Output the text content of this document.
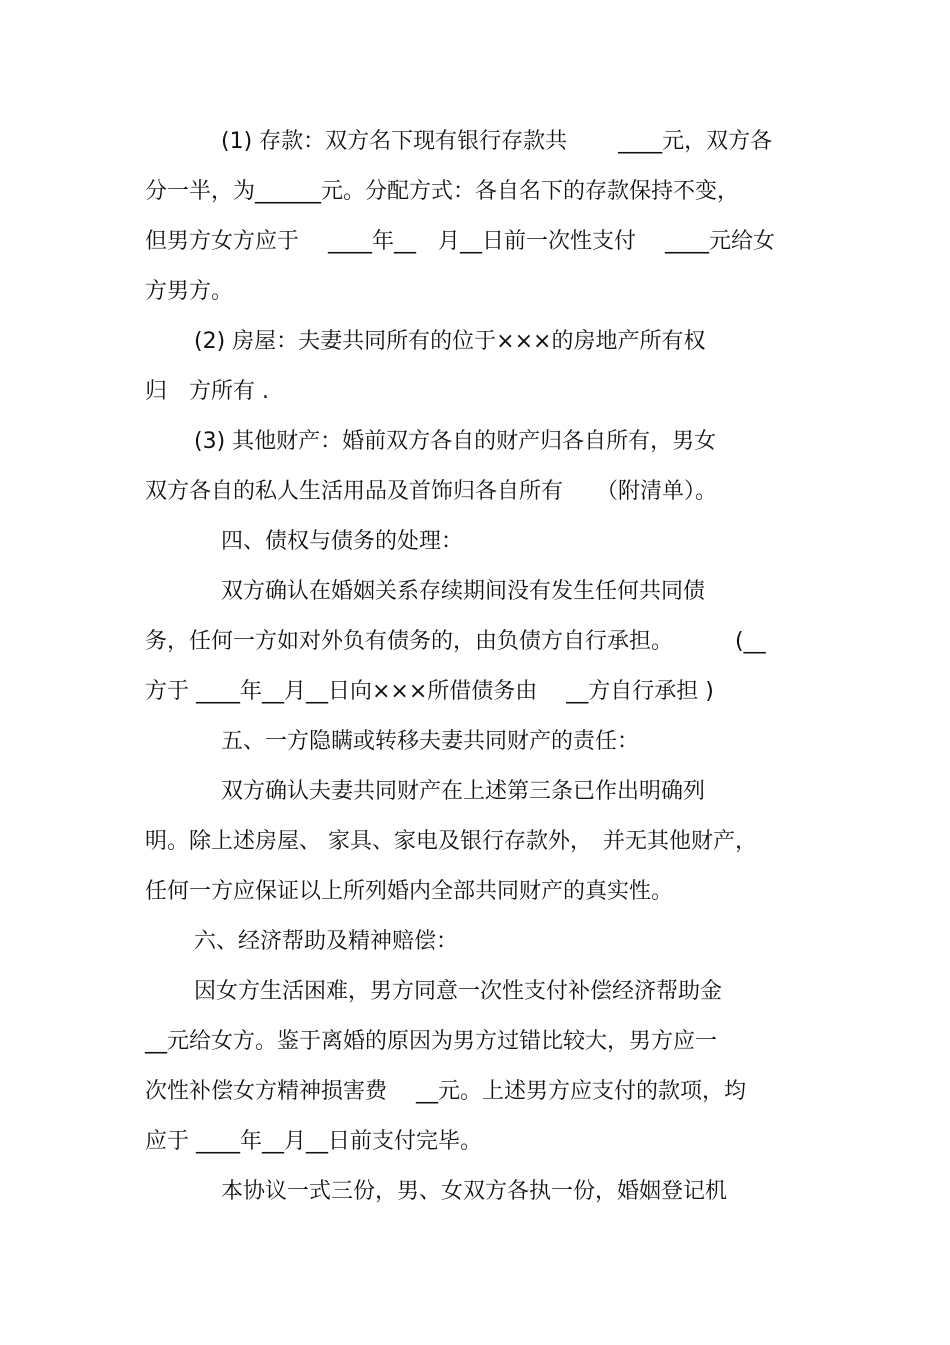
(1) 存款：双方名下现有银行存款共　　 ____元，双方各
分一半，为______元。分配方式：各自名下的存款保持不变，
但男方女方应于　 ____年__　月__日前一次性支付　 ____元给女
方男方。
(2) 房屋：夫妻共同所有的位于×××的房地产所有权
归　方所有 .
(3) 其他财产：婚前双方各自的财产归各自所有，男女
双方各自的私人生活用品及首饰归各自所有　　（附清单）。
四、债权与债务的处理：
双方确认在婚姻关系存续期间没有发生任何共同债
务，任何一方如对外负有债务的，由负债方自行承担。　　　 (__
方于 ____年__月__日向×××所借债务由　 __方自行承担 )
五、一方隐瞒或转移夫妻共同财产的责任：
双方确认夫妻共同财产在上述第三条已作出明确列
明。除上述房屋、 家具、家电及银行存款外，　并无其他财产，
任何一方应保证以上所列婚内全部共同财产的真实性。
六、经济帮助及精神赔偿：
因女方生活困难，男方同意一次性支付补偿经济帮助金
__元给女方。鉴于离婚的原因为男方过错比较大，男方应一
次性补偿女方精神损害费　 __元。上述男方应支付的款项，均
应于 ____年__月__日前支付完毕。
本协议一式三份，男、女双方各执一份，婚姻登记机
